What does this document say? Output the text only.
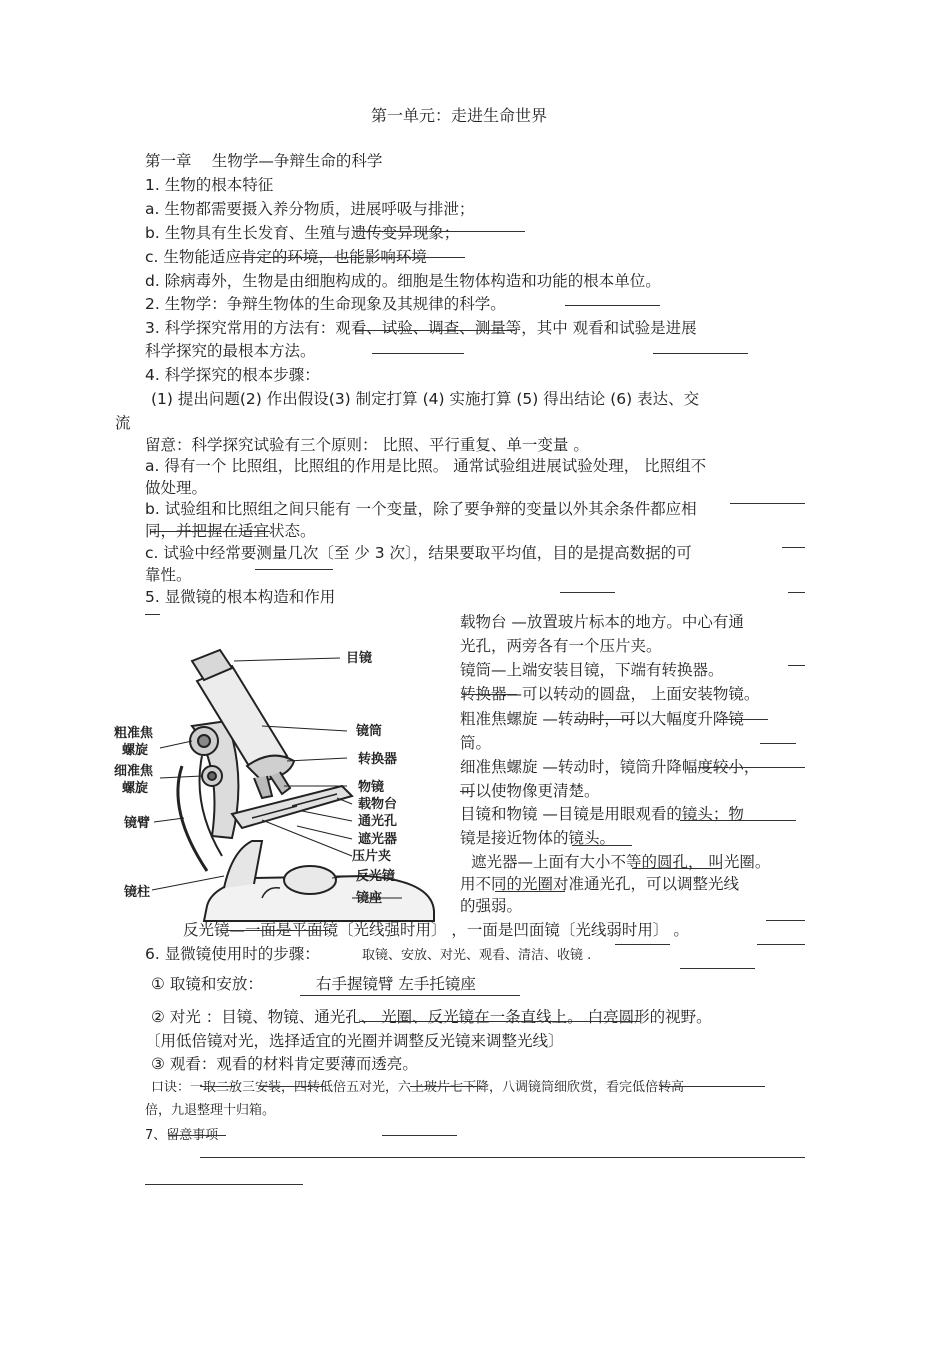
第一单元：走进生命世界
第一章　 生物学—争辩生命的科学
1. 生物的根本特征
a. 生物都需要摄入养分物质，进展呼吸与排泄；
b. 生物具有生长发育、生殖与遗传变异现象；
c. 生物能适应肯定的环境，也能影响环境
d. 除病毒外，生物是由细胞构成的。细胞是生物体构造和功能的根本单位。
2. 生物学：争辩生物体的生命现象及其规律的科学。
3. 科学探究常用的方法有：观看、试验、调查、测量等，其中 观看和试验是进展
科学探究的最根本方法。
4. 科学探究的根本步骤：
(1) 提出问题(2) 作出假设(3) 制定打算 (4) 实施打算 (5) 得出结论 (6) 表达、交
流
留意：科学探究试验有三个原则： 比照、平行重复、单一变量 。
a. 得有一个 比照组，比照组的作用是比照。 通常试验组进展试验处理， 比照组不
做处理。
b. 试验组和比照组之间只能有 一个变量，除了要争辩的变量以外其余条件都应相
同，并把握在适宜状态。
c. 试验中经常要测量几次〔至 少 3 次〕，结果要取平均值，目的是提高数据的可
靠性。
5. 显微镜的根本构造和作用
载物台 —放置玻片标本的地方。中心有通
光孔，两旁各有一个压片夹。
镜筒—上端安装目镜，下端有转换器。
转换器—可以转动的圆盘， 上面安装物镜。
粗准焦螺旋 —转动时，可以大幅度升降镜
筒。
细准焦螺旋 —转动时，镜筒升降幅度较小，
可以使物像更清楚。
目镜和物镜 —目镜是用眼观看的镜头；物
镜是接近物体的镜头。
遮光器—上面有大小不等的圆孔， 叫光圈。
用不同的光圈对准通光孔，可以调整光线
的强弱。
反光镜—一面是平面镜〔光线强时用〕 ，一面是凹面镜〔光线弱时用〕 。
目镜
镜筒
转换器
物镜
载物台
通光孔
遮光器
压片夹
反光镜
镜座
粗准焦
螺旋
细准焦
螺旋
镜臂
镜柱
6. 显微镜使用时的步骤：	取镜、安放、对光、观看、清洁、收镜 .
① 取镜和安放：	右手握镜臂 左手托镜座
② 对光 ：目镜、物镜、通光孔、 光圈、反光镜在一条直线上。 白亮圆形的视野。
〔用低倍镜对光，选择适宜的光圈并调整反光镜来调整光线〕
③ 观看：观看的材料肯定要薄而透亮。
口诀：一取二放三安装，四转低倍五对光，六上玻片七下降，八调镜筒细欣赏，看完低倍转高
倍，九退整理十归箱。
7、留意事项
